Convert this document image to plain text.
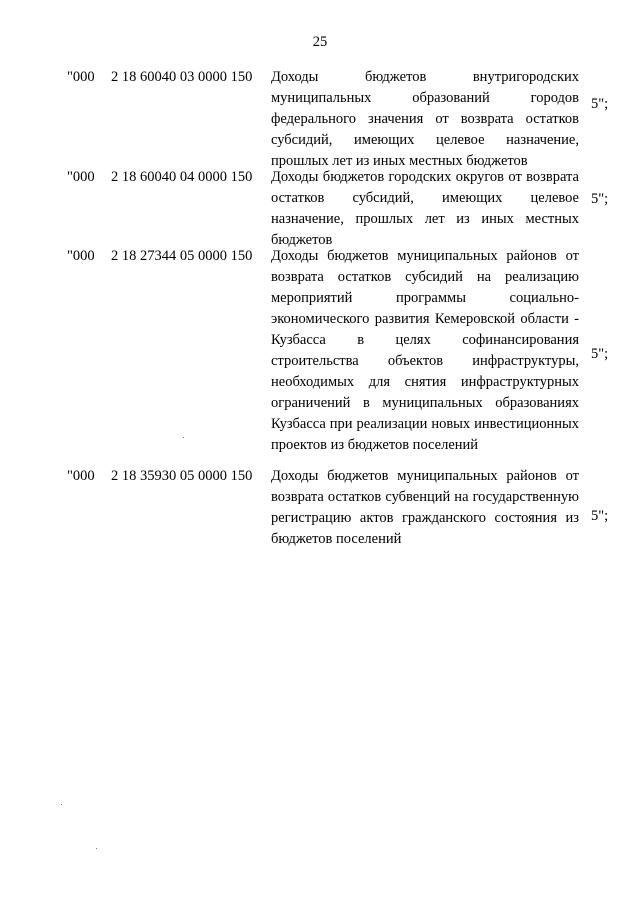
25
"000 2 18 60040 03 0000 150 Доходы бюджетов внутригородских муниципальных образований городов федерального значения от возврата остатков субсидий, имеющих целевое назначение, прошлых лет из иных местных бюджетов
5";
"000 2 18 60040 04 0000 150 Доходы бюджетов городских округов от возврата остатков субсидий, имеющих целевое назначение, прошлых лет из иных местных бюджетов
5";
"000 2 18 27344 05 0000 150 Доходы бюджетов муниципальных районов от возврата остатков субсидий на реализацию мероприятий программы социально-экономического развития Кемеровской области - Кузбасса в целях софинансирования строительства объектов инфраструктуры, необходимых для снятия инфраструктурных ограничений в муниципальных образованиях Кузбасса при реализации новых инвестиционных проектов из бюджетов поселений
5";
"000 2 18 35930 05 0000 150 Доходы бюджетов муниципальных районов от возврата остатков субвенций на государственную регистрацию актов гражданского состояния из бюджетов поселений
5";
